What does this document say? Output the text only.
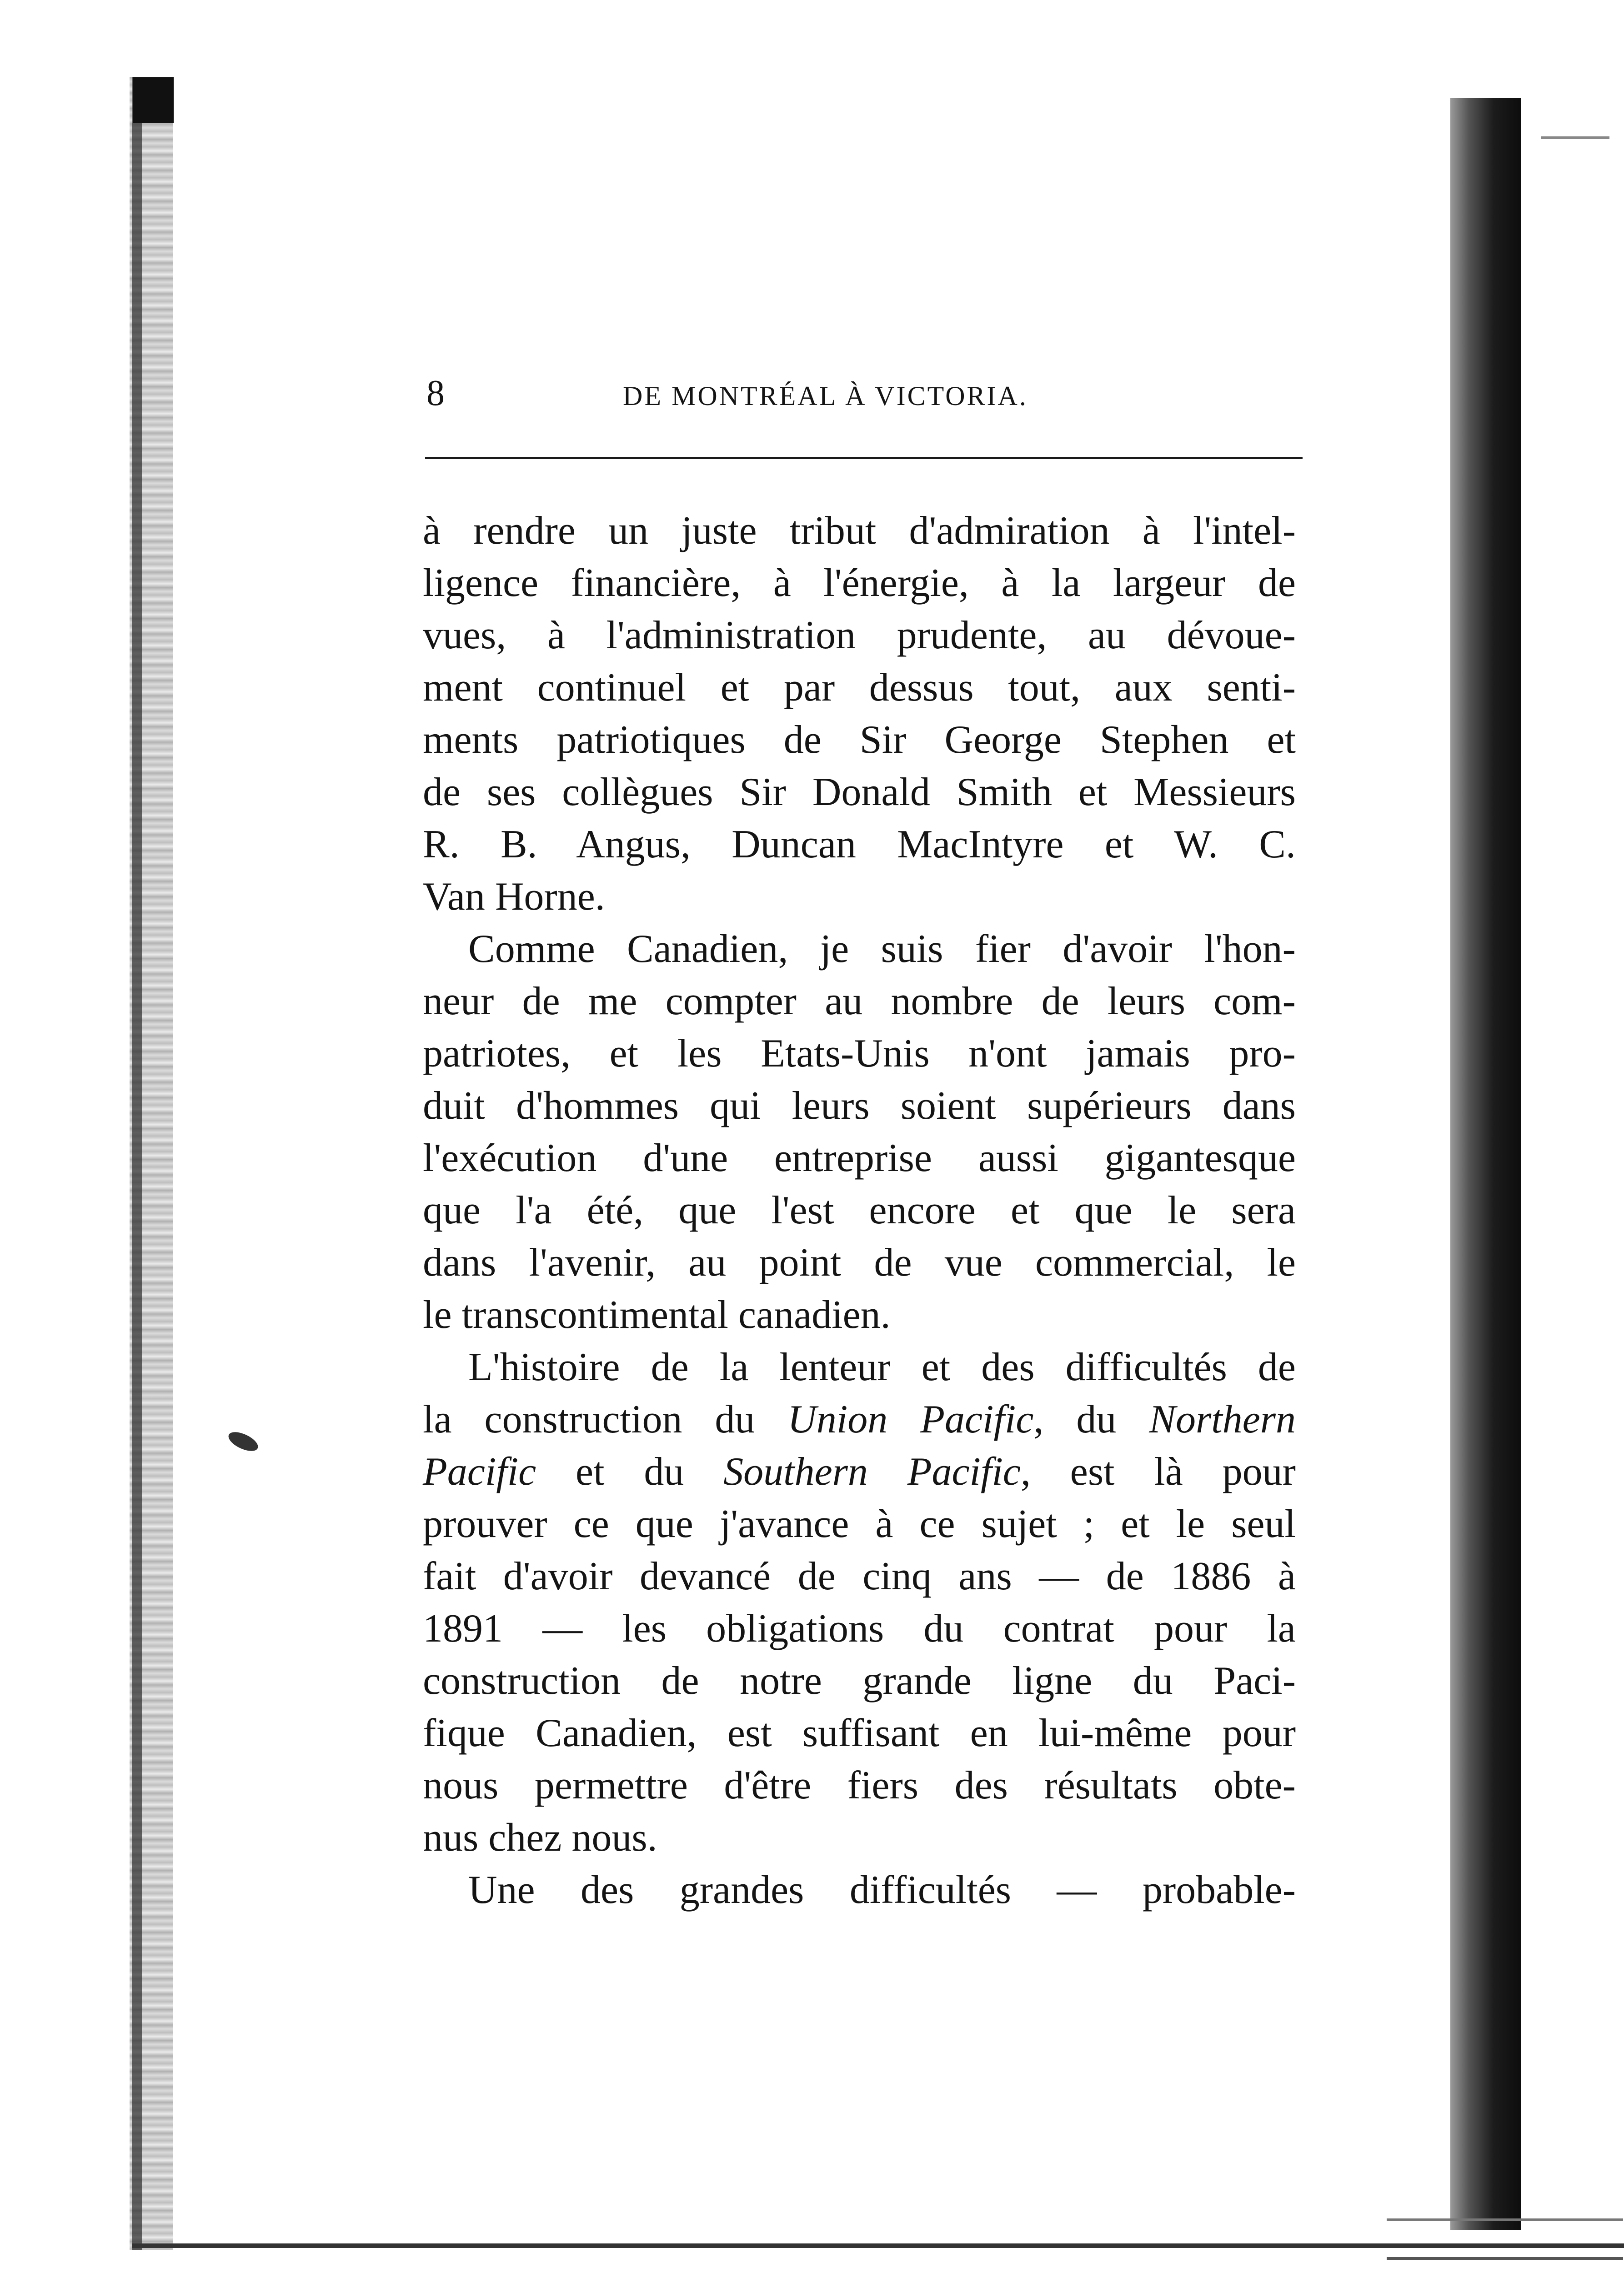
8	DE MONTRÉAL À VICTORIA.
à rendre un juste tribut d'admiration à l'intel-
ligence financière, à l'énergie, à la largeur de
vues, à l'administration prudente, au dévoue-
ment continuel et par dessus tout, aux senti-
ments patriotiques de Sir George Stephen et
de ses collègues Sir Donald Smith et Messieurs
R. B. Angus, Duncan MacIntyre et W. C.
Van Horne.
Comme Canadien, je suis fier d'avoir l'hon-
neur de me compter au nombre de leurs com-
patriotes, et les Etats-Unis n'ont jamais pro-
duit d'hommes qui leurs soient supérieurs dans
l'exécution d'une entreprise aussi gigantesque
que l'a été, que l'est encore et que le sera
dans l'avenir, au point de vue commercial, le
le transcontimental canadien.
L'histoire de la lenteur et des difficultés de
la construction du Union Pacific, du Northern
Pacific et du Southern Pacific, est là pour
prouver ce que j'avance à ce sujet ; et le seul
fait d'avoir devancé de cinq ans — de 1886 à
1891 — les obligations du contrat pour la
construction de notre grande ligne du Paci-
fique Canadien, est suffisant en lui-même pour
nous permettre d'être fiers des résultats obte-
nus chez nous.
Une des grandes difficultés — probable-
